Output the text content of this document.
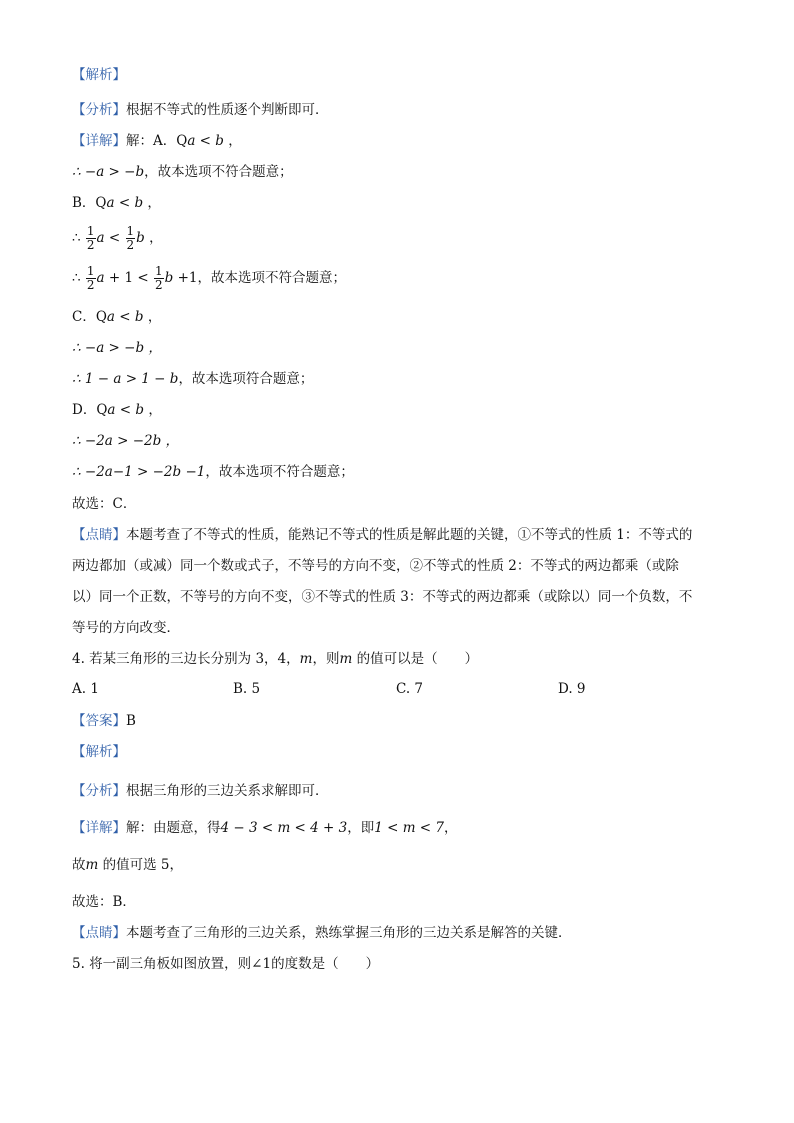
【解析】
【分析】根据不等式的性质逐个判断即可．
【详解】解：A．Qa < b ，
∴ −a > −b，故本选项不符合题意；
B．Qa < b ，
∴ $\frac{1}{2}$ $a < \frac{1}{2}$ b ，
∴ $\frac{1}{2}$ $a + 1 < \frac{1}{2}$ b +1，故本选项不符合题意；
C．Qa < b ，
∴ −a > −b ，
∴ 1 − a > 1 − b，故本选项符合题意；
D．Qa < b ，
∴ −2a > −2b ，
∴ −2a−1 > −2b −1，故本选项不符合题意；
故选：C．
【点睛】本题考查了不等式的性质，能熟记不等式的性质是解此题的关键，①不等式的性质 1：不等式的
两边都加（或减）同一个数或式子，不等号的方向不变，②不等式的性质 2：不等式的两边都乘（或除
以）同一个正数，不等号的方向不变，③不等式的性质 3：不等式的两边都乘（或除以）同一个负数，不
等号的方向改变．
4. 若某三角形的三边长分别为 3，4，m，则m 的值可以是（　　）
A. 1	B. 5	C. 7	D. 9
【答案】B
【解析】
【分析】根据三角形的三边关系求解即可．
【详解】解：由题意，得4 − 3 < m < 4 + 3，即1 < m < 7，
故m 的值可选 5，
故选：B．
【点睛】本题考查了三角形的三边关系，熟练掌握三角形的三边关系是解答的关键．
5. 将一副三角板如图放置，则∠1的度数是（　　）
